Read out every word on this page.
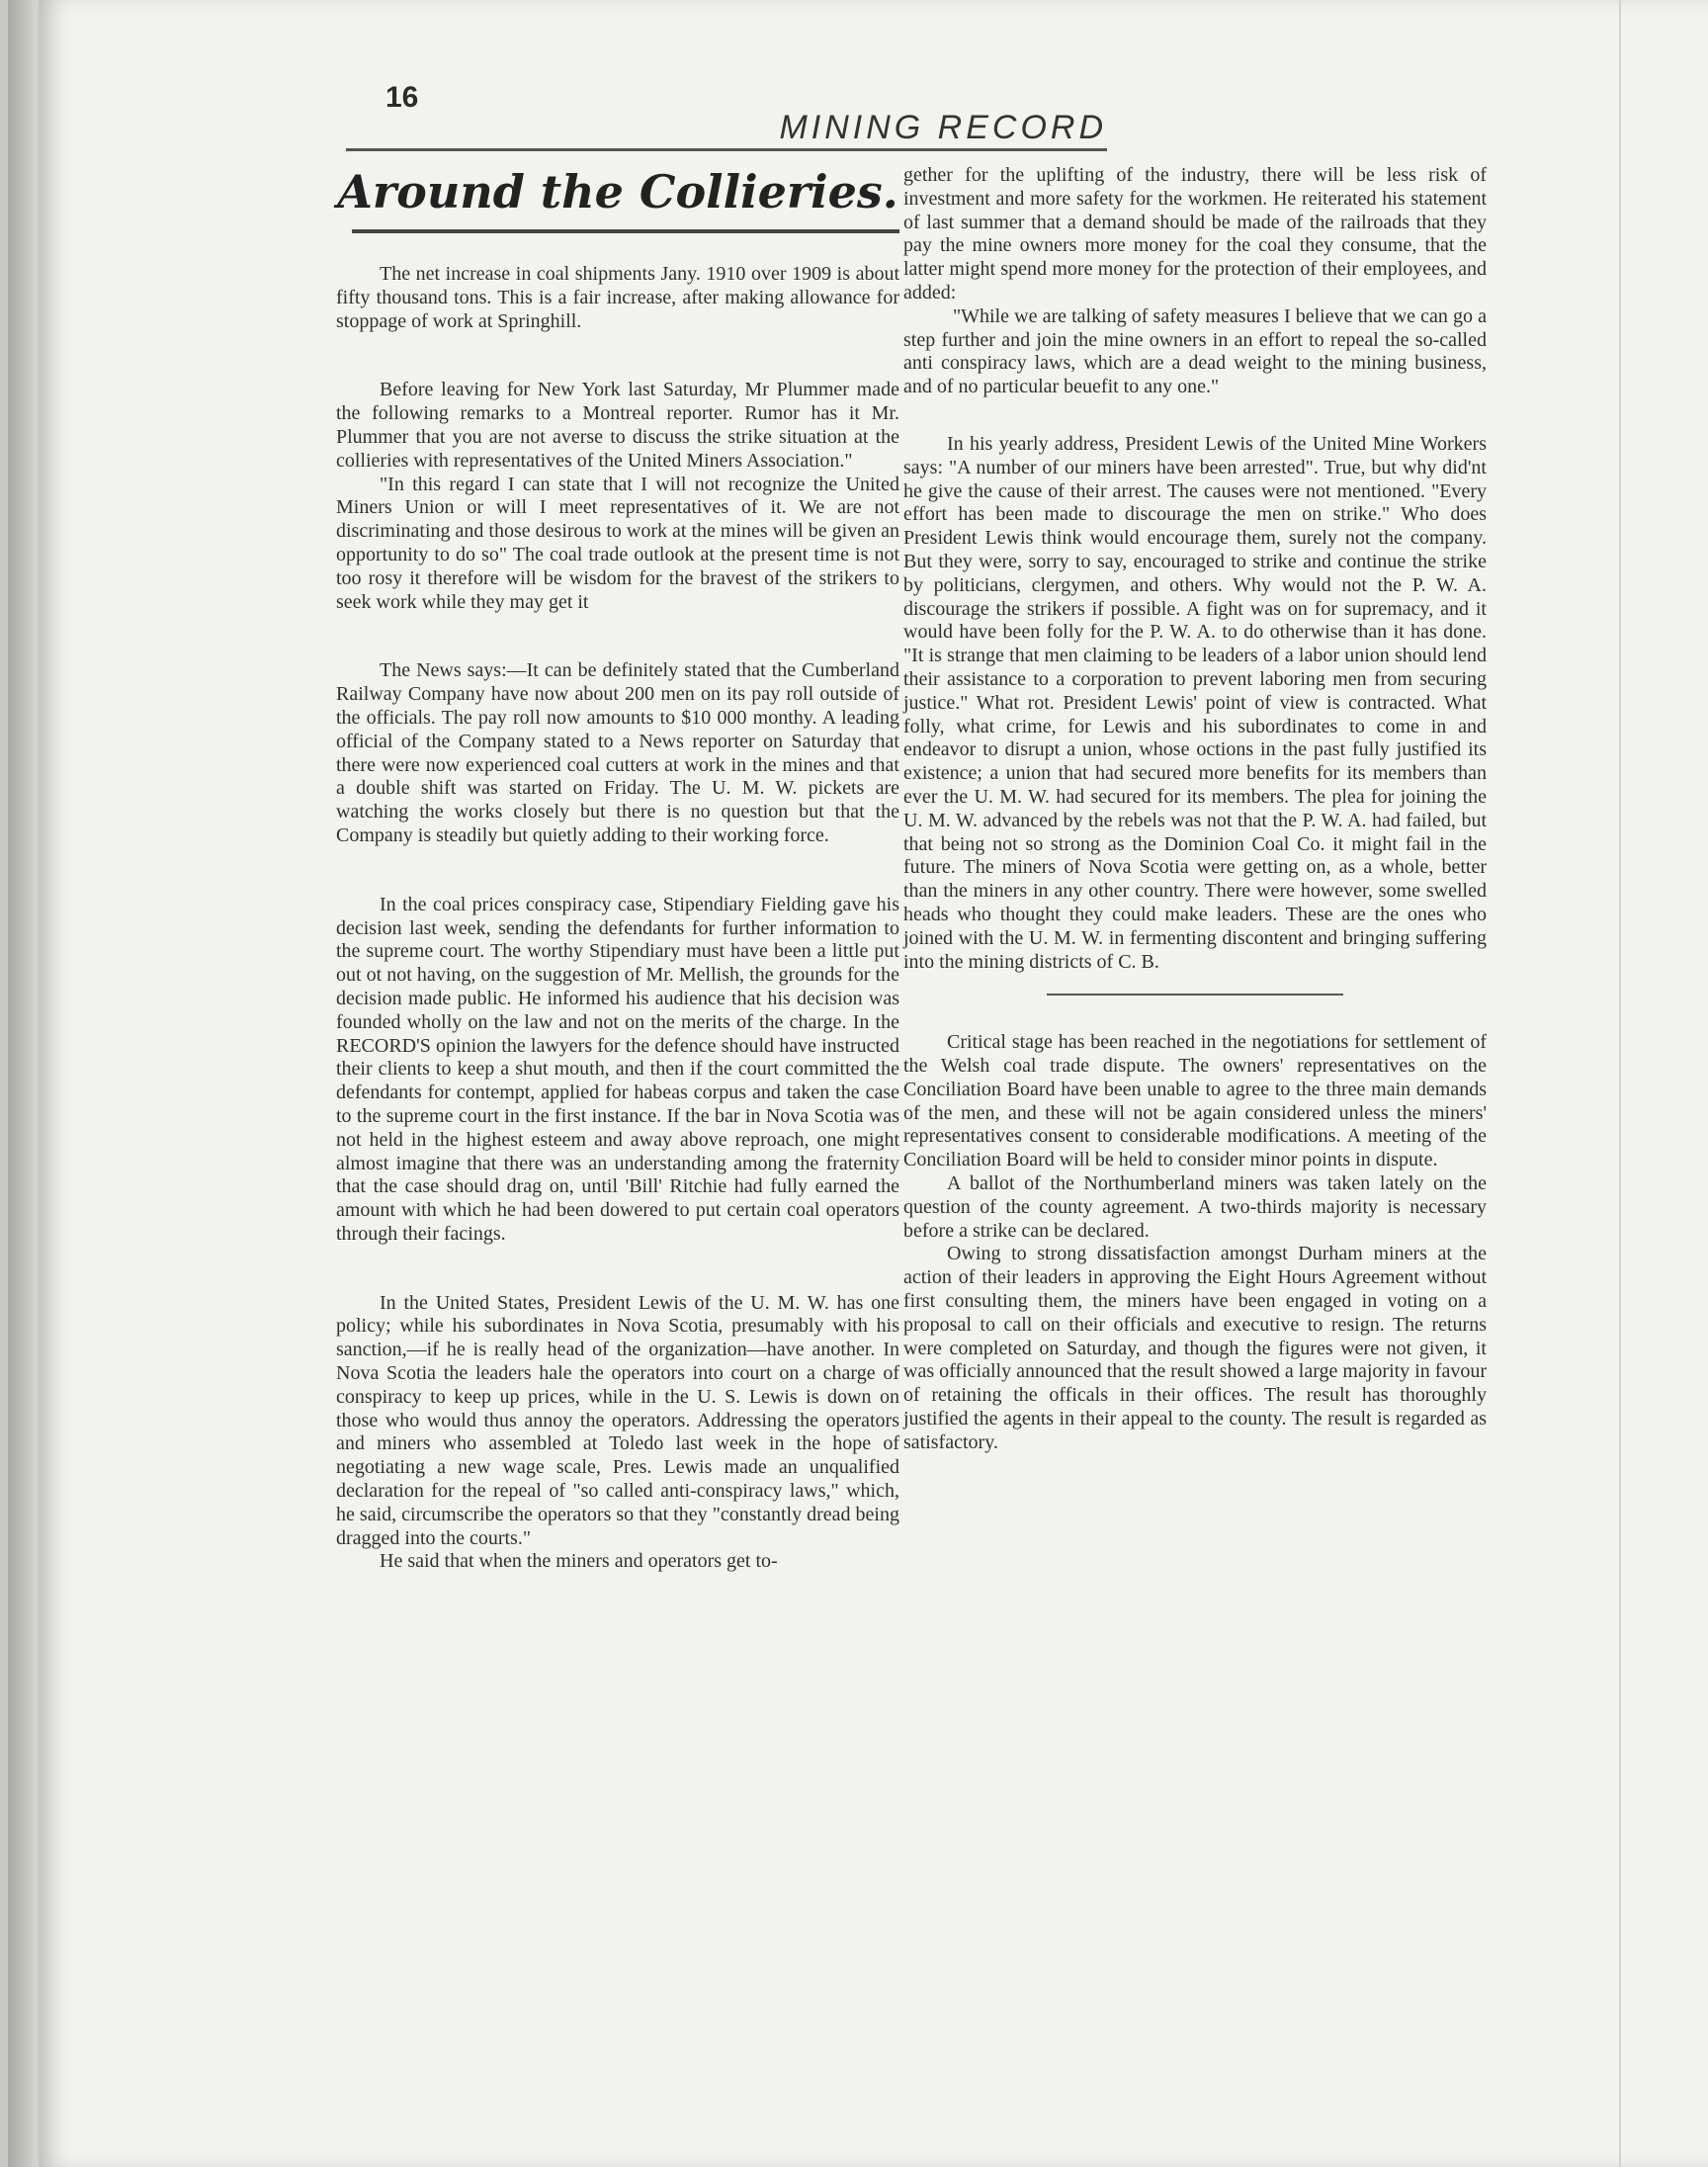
16
MINING RECORD
Around the Collieries.

The net increase in coal shipments Jany. 1910 over 1909 is about fifty thousand tons. This is a fair increase, after making allowance for stoppage of work at Springhill.

Before leaving for New York last Saturday, Mr Plummer made the following remarks to a Montreal reporter. Rumor has it Mr. Plummer that you are not averse to discuss the strike situation at the collieries with representatives of the United Miners Association."

"In this regard I can state that I will not recognize the United Miners Union or will I meet representatives of it. We are not discriminating and those desirous to work at the mines will be given an opportunity to do so" The coal trade outlook at the present time is not too rosy it therefore will be wisdom for the bravest of the strikers to seek work while they may get it

The News says:—It can be definitely stated that the Cumberland Railway Company have now about 200 men on its pay roll outside of the officials. The pay roll now amounts to $10 000 monthy. A leading official of the Company stated to a News reporter on Saturday that there were now experienced coal cutters at work in the mines and that a double shift was started on Friday. The U. M. W. pickets are watching the works closely but there is no question but that the Company is steadily but quietly adding to their working force.

In the coal prices conspiracy case, Stipendiary Fielding gave his decision last week, sending the defendants for further information to the supreme court. The worthy Stipendiary must have been a little put out ot not having, on the suggestion of Mr. Mellish, the grounds for the decision made public. He informed his audience that his decision was founded wholly on the law and not on the merits of the charge. In the RECORD'S opinion the lawyers for the defence should have instructed their clients to keep a shut mouth, and then if the court committed the defendants for contempt, applied for habeas corpus and taken the case to the supreme court in the first instance. If the bar in Nova Scotia was not held in the highest esteem and away above reproach, one might almost imagine that there was an understanding among the fraternity that the case should drag on, until 'Bill' Ritchie had fully earned the amount with which he had been dowered to put certain coal operators through their facings.

In the United States, President Lewis of the U. M. W. has one policy; while his subordinates in Nova Scotia, presumably with his sanction,—if he is really head of the organization—have another. In Nova Scotia the leaders hale the operators into court on a charge of conspiracy to keep up prices, while in the U. S. Lewis is down on those who would thus annoy the operators. Addressing the operators and miners who assembled at Toledo last week in the hope of negotiating a new wage scale, Pres. Lewis made an unqualified declaration for the repeal of "so called anti-conspiracy laws," which, he said, circumscribe the operators so that they "constantly dread being dragged into the courts."

He said that when the miners and operators get to-

gether for the uplifting of the industry, there will be less risk of investment and more safety for the workmen. He reiterated his statement of last summer that a demand should be made of the railroads that they pay the mine owners more money for the coal they consume, that the latter might spend more money for the protection of their employees, and added:

"While we are talking of safety measures I believe that we can go a step further and join the mine owners in an effort to repeal the so-called anti conspiracy laws, which are a dead weight to the mining business, and of no particular beuefit to any one."

In his yearly address, President Lewis of the United Mine Workers says: "A number of our miners have been arrested". True, but why did'nt he give the cause of their arrest. The causes were not mentioned. "Every effort has been made to discourage the men on strike." Who does President Lewis think would encourage them, surely not the company. But they were, sorry to say, encouraged to strike and continue the strike by politicians, clergymen, and others. Why would not the P. W. A. discourage the strikers if possible. A fight was on for supremacy, and it would have been folly for the P. W. A. to do otherwise than it has done. "It is strange that men claiming to be leaders of a labor union should lend their assistance to a corporation to prevent laboring men from securing justice." What rot. President Lewis' point of view is contracted. What folly, what crime, for Lewis and his subordinates to come in and endeavor to disrupt a union, whose octions in the past fully justified its existence; a union that had secured more benefits for its members than ever the U. M. W. had secured for its members. The plea for joining the U. M. W. advanced by the rebels was not that the P. W. A. had failed, but that being not so strong as the Dominion Coal Co. it might fail in the future. The miners of Nova Scotia were getting on, as a whole, better than the miners in any other country. There were however, some swelled heads who thought they could make leaders. These are the ones who joined with the U. M. W. in fermenting discontent and bringing suffering into the mining districts of C. B.

Critical stage has been reached in the negotiations for settlement of the Welsh coal trade dispute. The owners' representatives on the Conciliation Board have been unable to agree to the three main demands of the men, and these will not be again considered unless the miners' representatives consent to considerable modifications. A meeting of the Conciliation Board will be held to consider minor points in dispute.

A ballot of the Northumberland miners was taken lately on the question of the county agreement. A two-thirds majority is necessary before a strike can be declared.

Owing to strong dissatisfaction amongst Durham miners at the action of their leaders in approving the Eight Hours Agreement without first consulting them, the miners have been engaged in voting on a proposal to call on their officials and executive to resign. The returns were completed on Saturday, and though the figures were not given, it was officially announced that the result showed a large majority in favour of retaining the officals in their offices. The result has thoroughly justified the agents in their appeal to the county. The result is regarded as satisfactory.
